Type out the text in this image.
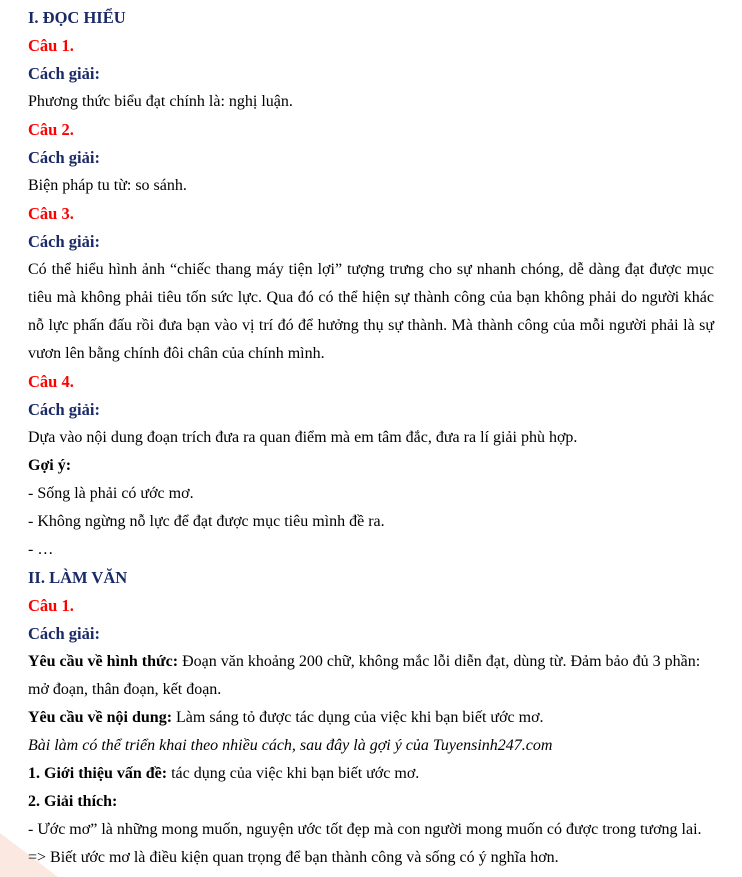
I. ĐỌC HIỂU

Câu 1.

Cách giải:

Phương thức biểu đạt chính là: nghị luận.

Câu 2.

Cách giải:

Biện pháp tu từ: so sánh.

Câu 3.

Cách giải:

Có thể hiểu hình ảnh “chiếc thang máy tiện lợi” tượng trưng cho sự nhanh chóng, dễ dàng đạt được mục tiêu mà không phải tiêu tốn sức lực. Qua đó có thể hiện sự thành công của bạn không phải do người khác nỗ lực phấn đấu rồi đưa bạn vào vị trí đó để hưởng thụ sự thành. Mà thành công của mỗi người phải là sự vươn lên bằng chính đôi chân của chính mình.

Câu 4.

Cách giải:

Dựa vào nội dung đoạn trích đưa ra quan điểm mà em tâm đắc, đưa ra lí giải phù hợp.

Gợi ý:

- Sống là phải có ước mơ.

- Không ngừng nỗ lực để đạt được mục tiêu mình đề ra.

- …

II. LÀM VĂN

Câu 1.

Cách giải:

Yêu cầu về hình thức: Đoạn văn khoảng 200 chữ, không mắc lỗi diễn đạt, dùng từ. Đảm bảo đủ 3 phần: mở đoạn, thân đoạn, kết đoạn.

Yêu cầu về nội dung: Làm sáng tỏ được tác dụng của việc khi bạn biết ước mơ.

Bài làm có thể triển khai theo nhiều cách, sau đây là gợi ý của Tuyensinh247.com

1. Giới thiệu vấn đề: tác dụng của việc khi bạn biết ước mơ.

2. Giải thích:

- Ước mơ” là những mong muốn, nguyện ước tốt đẹp mà con người mong muốn có được trong tương lai.

=> Biết ước mơ là điều kiện quan trọng để bạn thành công và sống có ý nghĩa hơn.
